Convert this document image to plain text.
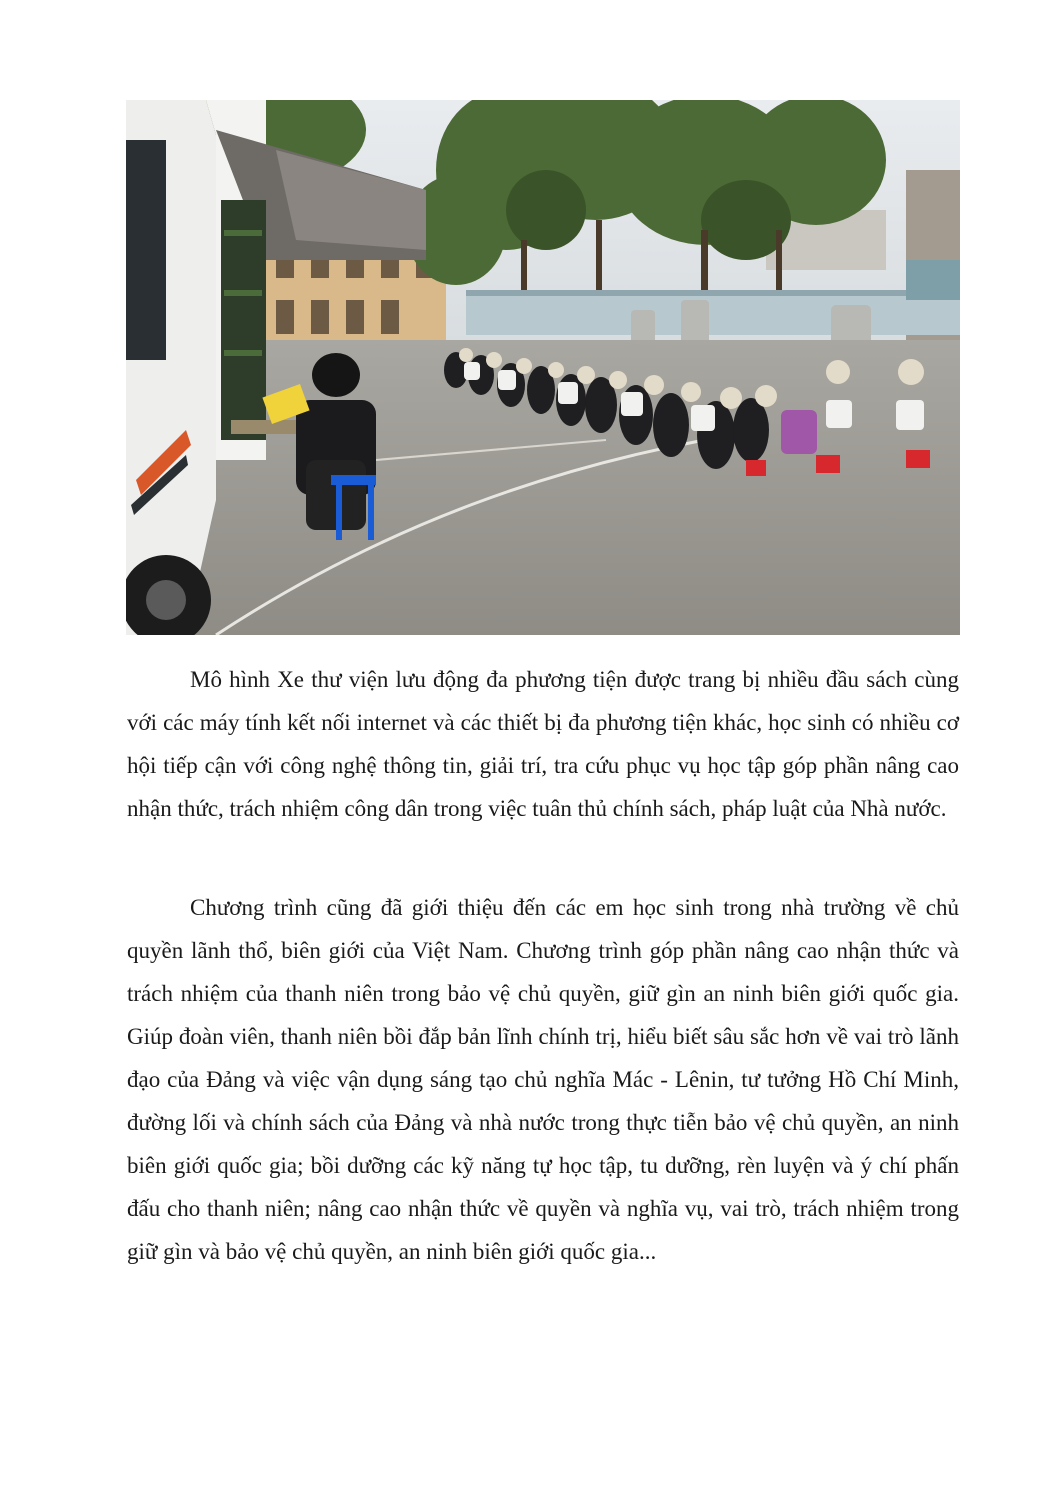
Mô hình Xe thư viện lưu động đa phương tiện được trang bị nhiều đầu sách cùng với các máy tính kết nối internet và các thiết bị đa phương tiện khác, học sinh có nhiều cơ hội tiếp cận với công nghệ thông tin, giải trí, tra cứu phục vụ học tập góp phần nâng cao nhận thức, trách nhiệm công dân trong việc tuân thủ chính sách, pháp luật của Nhà nước.

Chương trình cũng đã giới thiệu đến các em học sinh trong nhà trường về chủ quyền lãnh thổ, biên giới của Việt Nam. Chương trình góp phần nâng cao nhận thức và trách nhiệm của thanh niên trong bảo vệ chủ quyền, giữ gìn an ninh biên giới quốc gia. Giúp đoàn viên, thanh niên bồi đắp bản lĩnh chính trị, hiểu biết sâu sắc hơn về vai trò lãnh đạo của Đảng và việc vận dụng sáng tạo chủ nghĩa Mác - Lênin, tư tưởng Hồ Chí Minh, đường lối và chính sách của Đảng và nhà nước trong thực tiễn bảo vệ chủ quyền, an ninh biên giới quốc gia; bồi dưỡng các kỹ năng tự học tập, tu dưỡng, rèn luyện và ý chí phấn đấu cho thanh niên; nâng cao nhận thức về quyền và nghĩa vụ, vai trò, trách nhiệm trong giữ gìn và bảo vệ chủ quyền, an ninh biên giới quốc gia...
